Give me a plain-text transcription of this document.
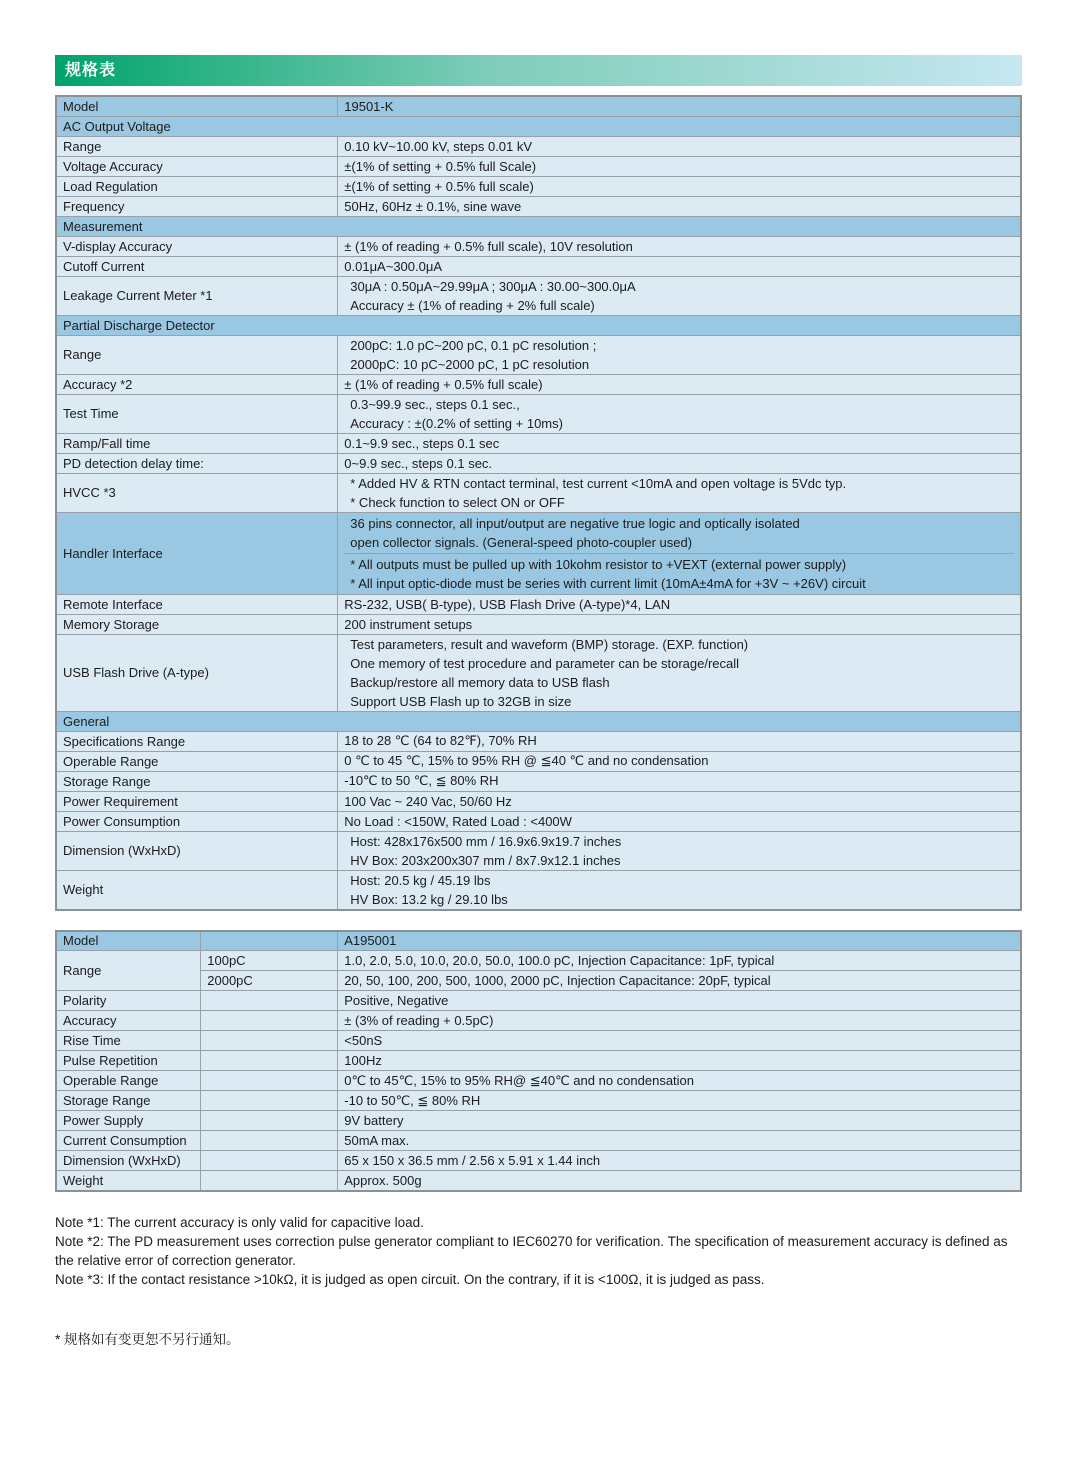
规格表
Model	19501-K
AC Output Voltage	
Range	0.10 kV~10.00 kV, steps 0.01 kV
Voltage Accuracy	±(1% of setting + 0.5% full Scale)
Load Regulation	±(1% of setting + 0.5% full scale)
Frequency	50Hz, 60Hz ± 0.1%, sine wave
Measurement	
V-display Accuracy	± (1% of reading + 0.5% full scale), 10V resolution
Cutoff Current	0.01μA~300.0μA
Leakage Current Meter *1	30μA : 0.50μA~29.99μA ; 300μA : 30.00~300.0μA
Accuracy ± (1% of reading + 2% full scale)

Partial Discharge Detector	
Range	200pC: 1.0 pC~200 pC, 0.1 pC resolution ;
2000pC: 10 pC~2000 pC, 1 pC resolution

Accuracy *2	± (1% of reading + 0.5% full scale)
Test Time	0.3~99.9 sec., steps 0.1 sec.,
Accuracy : ±(0.2% of setting + 10ms)

Ramp/Fall time	0.1~9.9 sec., steps 0.1 sec
PD detection delay time:	0~9.9 sec., steps 0.1 sec.
HVCC *3	* Added HV & RTN contact terminal, test current <10mA and open voltage is 5Vdc typ.
* Check function to select ON or OFF

Handler Interface	36 pins connector, all input/output are negative true logic and optically isolated
open collector signals. (General-speed photo-coupler used)
* All outputs must be pulled up with 10kohm resistor to +VEXT (external power supply)
* All input optic-diode must be series with current limit (10mA±4mA for +3V ~ +26V) circuit

Remote Interface	RS-232, USB( B-type), USB Flash Drive (A-type)*4, LAN
Memory Storage	200 instrument setups
USB Flash Drive (A-type)	Test parameters, result and waveform (BMP) storage. (EXP. function)
One memory of test procedure and parameter can be storage/recall
Backup/restore all memory data to USB flash
Support USB Flash up to 32GB in size

General	
Specifications Range	18 to 28 ℃ (64 to 82℉), 70% RH
Operable Range	0 ℃ to 45 ℃, 15% to 95% RH @ ≦40 ℃ and no condensation
Storage Range	-10℃ to 50 ℃, ≦ 80% RH
Power Requirement	100 Vac ~ 240 Vac, 50/60 Hz
Power Consumption	No Load : <150W, Rated Load : <400W
Dimension (WxHxD)	Host: 428x176x500 mm / 16.9x6.9x19.7 inches
HV Box: 203x200x307 mm / 8x7.9x12.1 inches

Weight	Host: 20.5 kg / 45.19 lbs
HV Box: 13.2 kg / 29.10 lbs
Model		A195001
Range	100pC	1.0, 2.0, 5.0, 10.0, 20.0, 50.0, 100.0 pC, Injection Capacitance: 1pF, typical
	2000pC	20, 50, 100, 200, 500, 1000, 2000 pC, Injection Capacitance: 20pF, typical
Polarity		Positive, Negative
Accuracy		± (3% of reading + 0.5pC)
Rise Time		<50nS
Pulse Repetition		100Hz
Operable Range		0℃ to 45℃, 15% to 95% RH@ ≦40℃ and no condensation
Storage Range		-10 to 50℃, ≦ 80% RH
Power Supply		9V battery
Current Consumption		50mA max.
Dimension (WxHxD)		65 x 150 x 36.5 mm / 2.56 x 5.91 x 1.44 inch
Weight		Approx. 500g

Note *1: The current accuracy is only valid for capacitive load.

Note *2: The PD measurement uses correction pulse generator compliant to IEC60270 for verification. The specification of measurement accuracy is defined as the relative error of correction generator.

Note *3: If the contact resistance >10kΩ, it is judged as open circuit. On the contrary, if it is <100Ω, it is judged as pass.

* 规格如有变更恕不另行通知。
